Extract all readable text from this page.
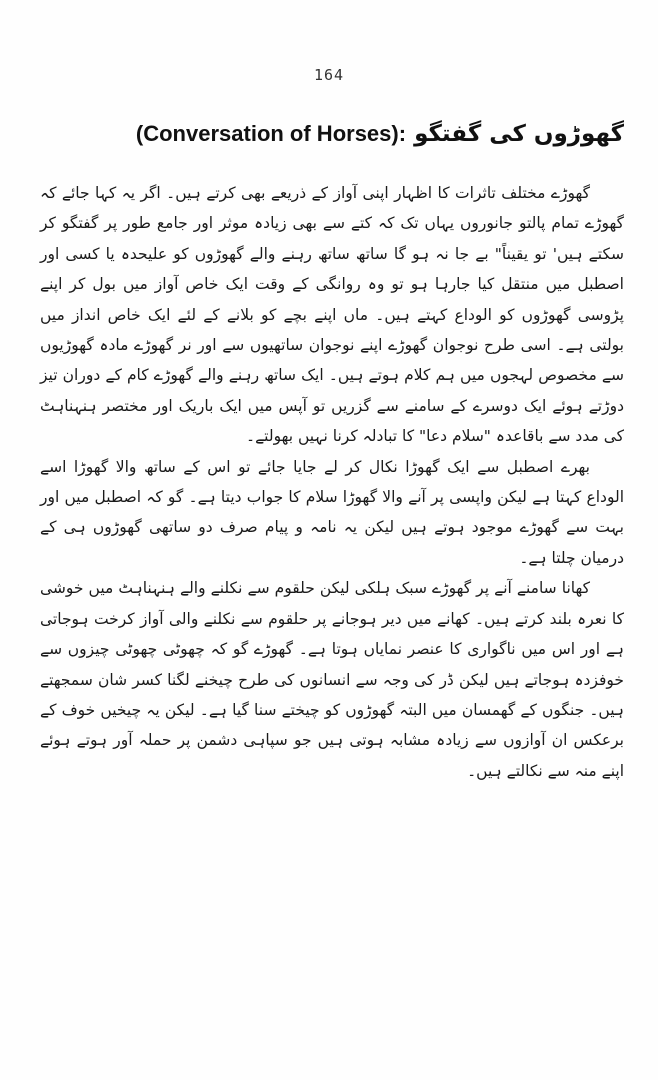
164
گھوڑوں کی گفتگو (Conversation of Horses):

گھوڑے مختلف تاثرات کا اظہار اپنی آواز کے ذریعے بھی کرتے ہیں۔ اگر یہ کہا جائے کہ گھوڑے تمام پالتو جانوروں یہاں تک کہ کتے سے بھی زیادہ موثر اور جامع طور پر گفتگو کر سکتے ہیں' تو یقیناً" بے جا نہ ہو گا ساتھ ساتھ رہنے والے گھوڑوں کو علیحدہ یا کسی اور اصطبل میں منتقل کیا جارہا ہو تو وہ روانگی کے وقت ایک خاص آواز میں بول کر اپنے پڑوسی گھوڑوں کو الوداع کہتے ہیں۔ ماں اپنے بچے کو بلانے کے لئے ایک خاص انداز میں بولتی ہے۔ اسی طرح نوجوان گھوڑے اپنے نوجوان ساتھیوں سے اور نر گھوڑے مادہ گھوڑیوں سے مخصوص لہجوں میں ہم کلام ہوتے ہیں۔ ایک ساتھ رہنے والے گھوڑے کام کے دوران تیز دوڑتے ہوئے ایک دوسرے کے سامنے سے گزریں تو آپس میں ایک باریک اور مختصر ہنہناہٹ کی مدد سے باقاعدہ "سلام دعا" کا تبادلہ کرنا نہیں بھولتے۔

بھرے اصطبل سے ایک گھوڑا نکال کر لے جایا جائے تو اس کے ساتھ والا گھوڑا اسے الوداع کہتا ہے لیکن واپسی پر آنے والا گھوڑا سلام کا جواب دیتا ہے۔ گو کہ اصطبل میں اور بہت سے گھوڑے موجود ہوتے ہیں لیکن یہ نامہ و پیام صرف دو ساتھی گھوڑوں ہی کے درمیان چلتا ہے۔

کھانا سامنے آنے پر گھوڑے سبک ہلکی لیکن حلقوم سے نکلنے والے ہنہناہٹ میں خوشی کا نعرہ بلند کرتے ہیں۔ کھانے میں دیر ہوجانے پر حلقوم سے نکلنے والی آواز کرخت ہوجاتی ہے اور اس میں ناگواری کا عنصر نمایاں ہوتا ہے۔ گھوڑے گو کہ چھوٹی چھوٹی چیزوں سے خوفزدہ ہوجاتے ہیں لیکن ڈر کی وجہ سے انسانوں کی طرح چیخنے لگنا کسر شان سمجھتے ہیں۔ جنگوں کے گھمسان میں البتہ گھوڑوں کو چیختے سنا گیا ہے۔ لیکن یہ چیخیں خوف کے برعکس ان آوازوں سے زیادہ مشابہ ہوتی ہیں جو سپاہی دشمن پر حملہ آور ہوتے ہوئے اپنے منہ سے نکالتے ہیں۔
